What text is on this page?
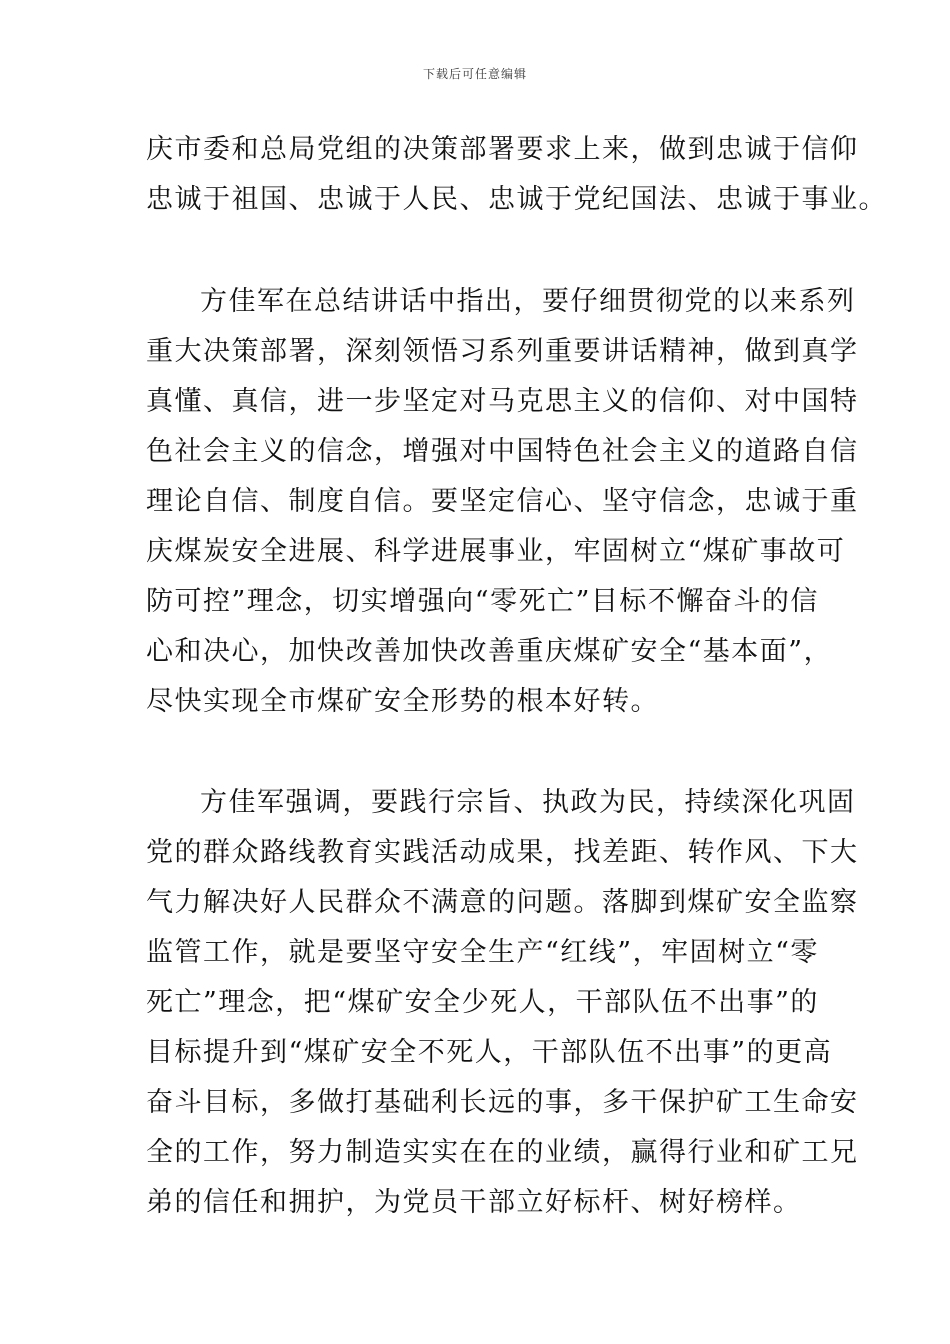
下载后可任意编辑
庆市委和总局党组的决策部署要求上来，做到忠诚于信仰
忠诚于祖国、忠诚于人民、忠诚于党纪国法、忠诚于事业。
方佳军在总结讲话中指出，要仔细贯彻党的以来系列
重大决策部署，深刻领悟习系列重要讲话精神，做到真学
真懂、真信，进一步坚定对马克思主义的信仰、对中国特
色社会主义的信念，增强对中国特色社会主义的道路自信
理论自信、制度自信。要坚定信心、坚守信念，忠诚于重
庆煤炭安全进展、科学进展事业，牢固树立“煤矿事故可
防可控”理念，切实增强向“零死亡”目标不懈奋斗的信
心和决心，加快改善加快改善重庆煤矿安全“基本面”，
尽快实现全市煤矿安全形势的根本好转。
方佳军强调，要践行宗旨、执政为民，持续深化巩固
党的群众路线教育实践活动成果，找差距、转作风、下大
气力解决好人民群众不满意的问题。落脚到煤矿安全监察
监管工作，就是要坚守安全生产“红线”，牢固树立“零
死亡”理念，把“煤矿安全少死人，干部队伍不出事”的
目标提升到“煤矿安全不死人，干部队伍不出事”的更高
奋斗目标，多做打基础利长远的事，多干保护矿工生命安
全的工作，努力制造实实在在的业绩，赢得行业和矿工兄
弟的信任和拥护，为党员干部立好标杆、树好榜样。
